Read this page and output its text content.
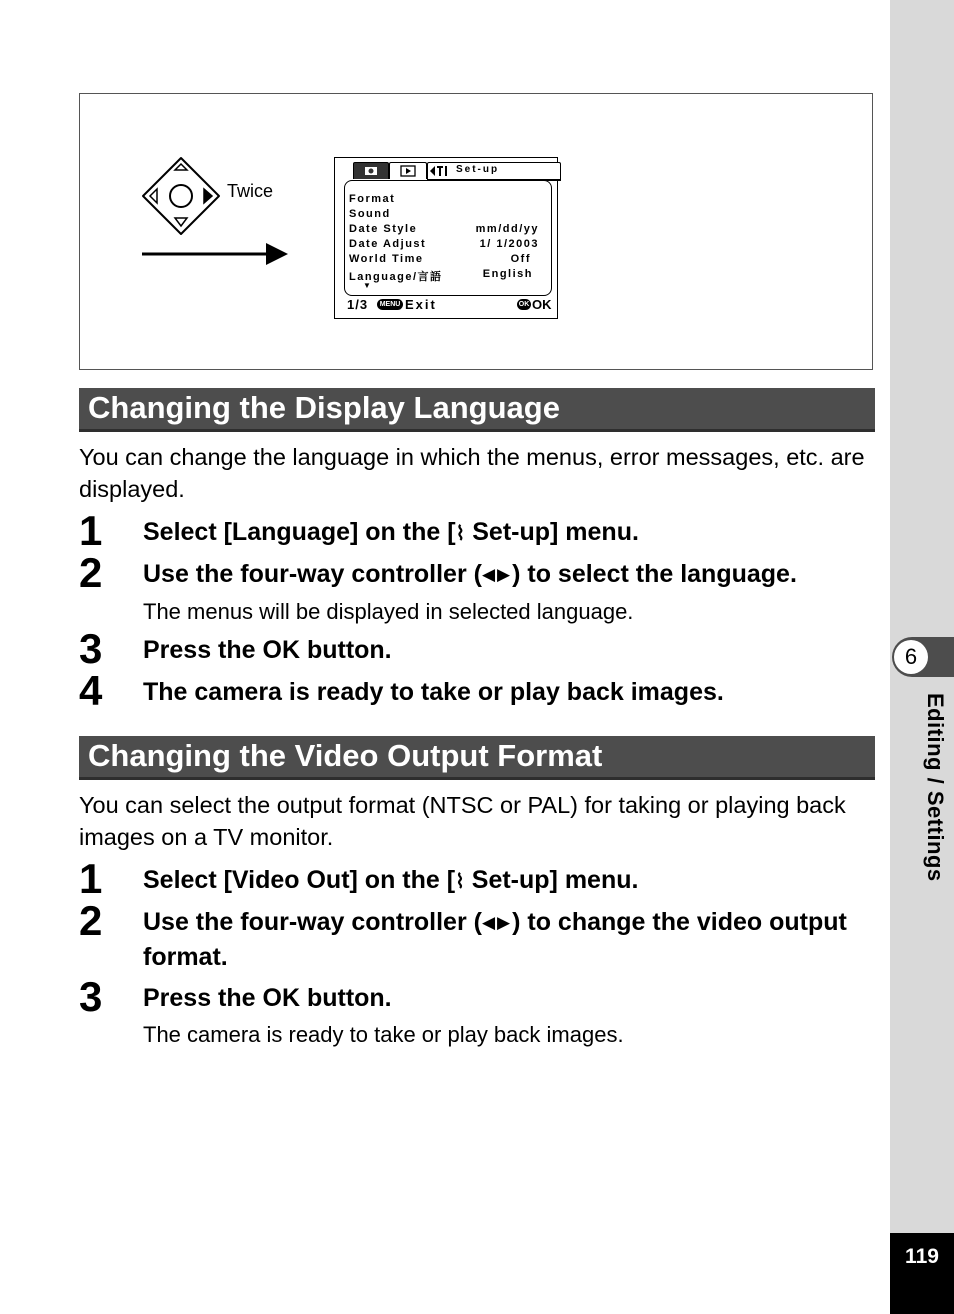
6
Editing / Settings
119
Twice
Set-up
Format
Sound
Date Style	mm/dd/yy
Date Adjust	1/ 1/2003
World Time	Off
Language/言語	English
▼
1/3	MENU Exit	OK OK
Changing the Display Language
You can change the language in which the menus, error messages, etc. are displayed.
1 Select [Language] on the [⌇ Set-up] menu.
2 Use the four-way controller (◀▶) to select the language.
The menus will be displayed in selected language.
3 Press the OK button.
4 The camera is ready to take or play back images.
Changing the Video Output Format
You can select the output format (NTSC or PAL) for taking or playing back images on a TV monitor.
1 Select [Video Out] on the [⌇ Set-up] menu.
2 Use the four-way controller (◀▶) to change the video output format.
3 Press the OK button.
The camera is ready to take or play back images.
